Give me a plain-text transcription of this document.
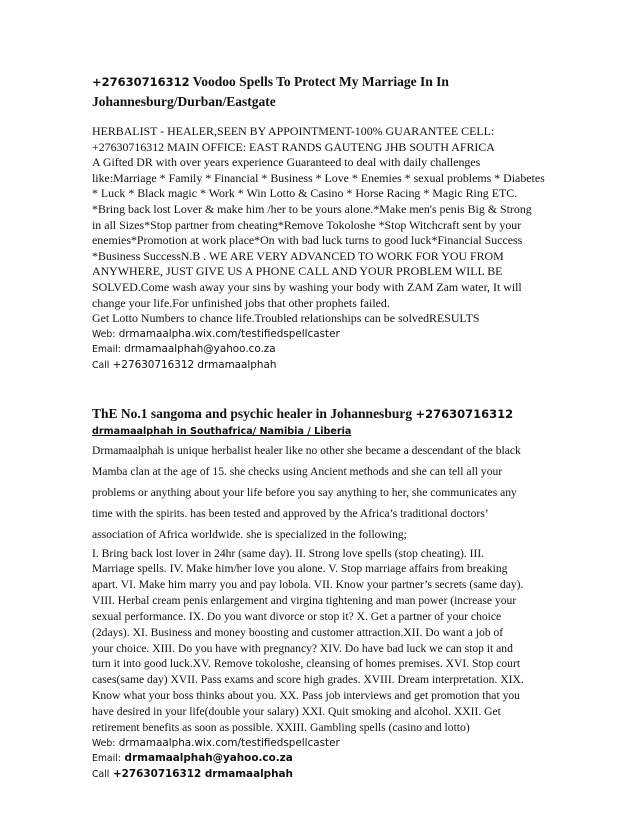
+27630716312 Voodoo Spells To Protect My Marriage In In
Johannesburg/Durban/Eastgate

HERBALIST - HEALER,SEEN BY APPOINTMENT-100% GUARANTEE CELL:

+27630716312 MAIN OFFICE: EAST RANDS GAUTENG JHB SOUTH AFRICA

A Gifted DR with over years experience Guaranteed to deal with daily challenges

like:Marriage * Family * Financial * Business * Love * Enemies * sexual problems * Diabetes

* Luck * Black magic * Work * Win Lotto & Casino * Horse Racing * Magic Ring ETC.

*Bring back lost Lover & make him /her to be yours alone.*Make men's penis Big & Strong

in all Sizes*Stop partner from cheating*Remove Tokoloshe *Stop Witchcraft sent by your

enemies*Promotion at work place*On with bad luck turns to good luck*Financial Success

*Business SuccessN.B . WE ARE VERY ADVANCED TO WORK FOR YOU FROM

ANYWHERE, JUST GIVE US A PHONE CALL AND YOUR PROBLEM WILL BE

SOLVED.Come wash away your sins by washing your body with ZAM Zam water, It will

change your life.For unfinished jobs that other prophets failed.

Get Lotto Numbers to chance life.Troubled relationships can be solvedRESULTS

Web: drmamaalpha.wix.com/testifiedspellcaster

Email: drmamaalphah@yahoo.co.za

Call +27630716312 drmamaalphah

ThE No.1 sangoma and psychic healer in Johannesburg +27630716312
drmamaalphah in Southafrica/ Namibia / Liberia

Drmamaalphah is unique herbalist healer like no other she became a descendant of the black

Mamba clan at the age of 15. she checks using Ancient methods and she can tell all your

problems or anything about your life before you say anything to her, she communicates any

time with the spirits. has been tested and approved by the Africa’s traditional doctors’

association of Africa worldwide. she is specialized in the following;

I. Bring back lost lover in 24hr (same day). II. Strong love spells (stop cheating). III.

Marriage spells. IV. Make him/her love you alone. V. Stop marriage affairs from breaking

apart. VI. Make him marry you and pay lobola. VII. Know your partner’s secrets (same day).

VIII. Herbal cream penis enlargement and virgina tightening and man power (increase your

sexual performance. IX. Do you want divorce or stop it? X. Get a partner of your choice

(2days). XI. Business and money boosting and customer attraction.XII. Do want a job of

your choice. XIII. Do you have with pregnancy? XIV. Do have bad luck we can stop it and

turn it into good luck.XV. Remove tokoloshe, cleansing of homes premises. XVI. Stop court

cases(same day) XVII. Pass exams and score high grades. XVIII. Dream interpretation. XIX.

Know what your boss thinks about you. XX. Pass job interviews and get promotion that you

have desired in your life(double your salary) XXI. Quit smoking and alcohol. XXII. Get

retirement benefits as soon as possible. XXIII. Gambling spells (casino and lotto)

Web: drmamaalpha.wix.com/testifiedspellcaster

Email: drmamaalphah@yahoo.co.za

Call +27630716312 drmamaalphah
